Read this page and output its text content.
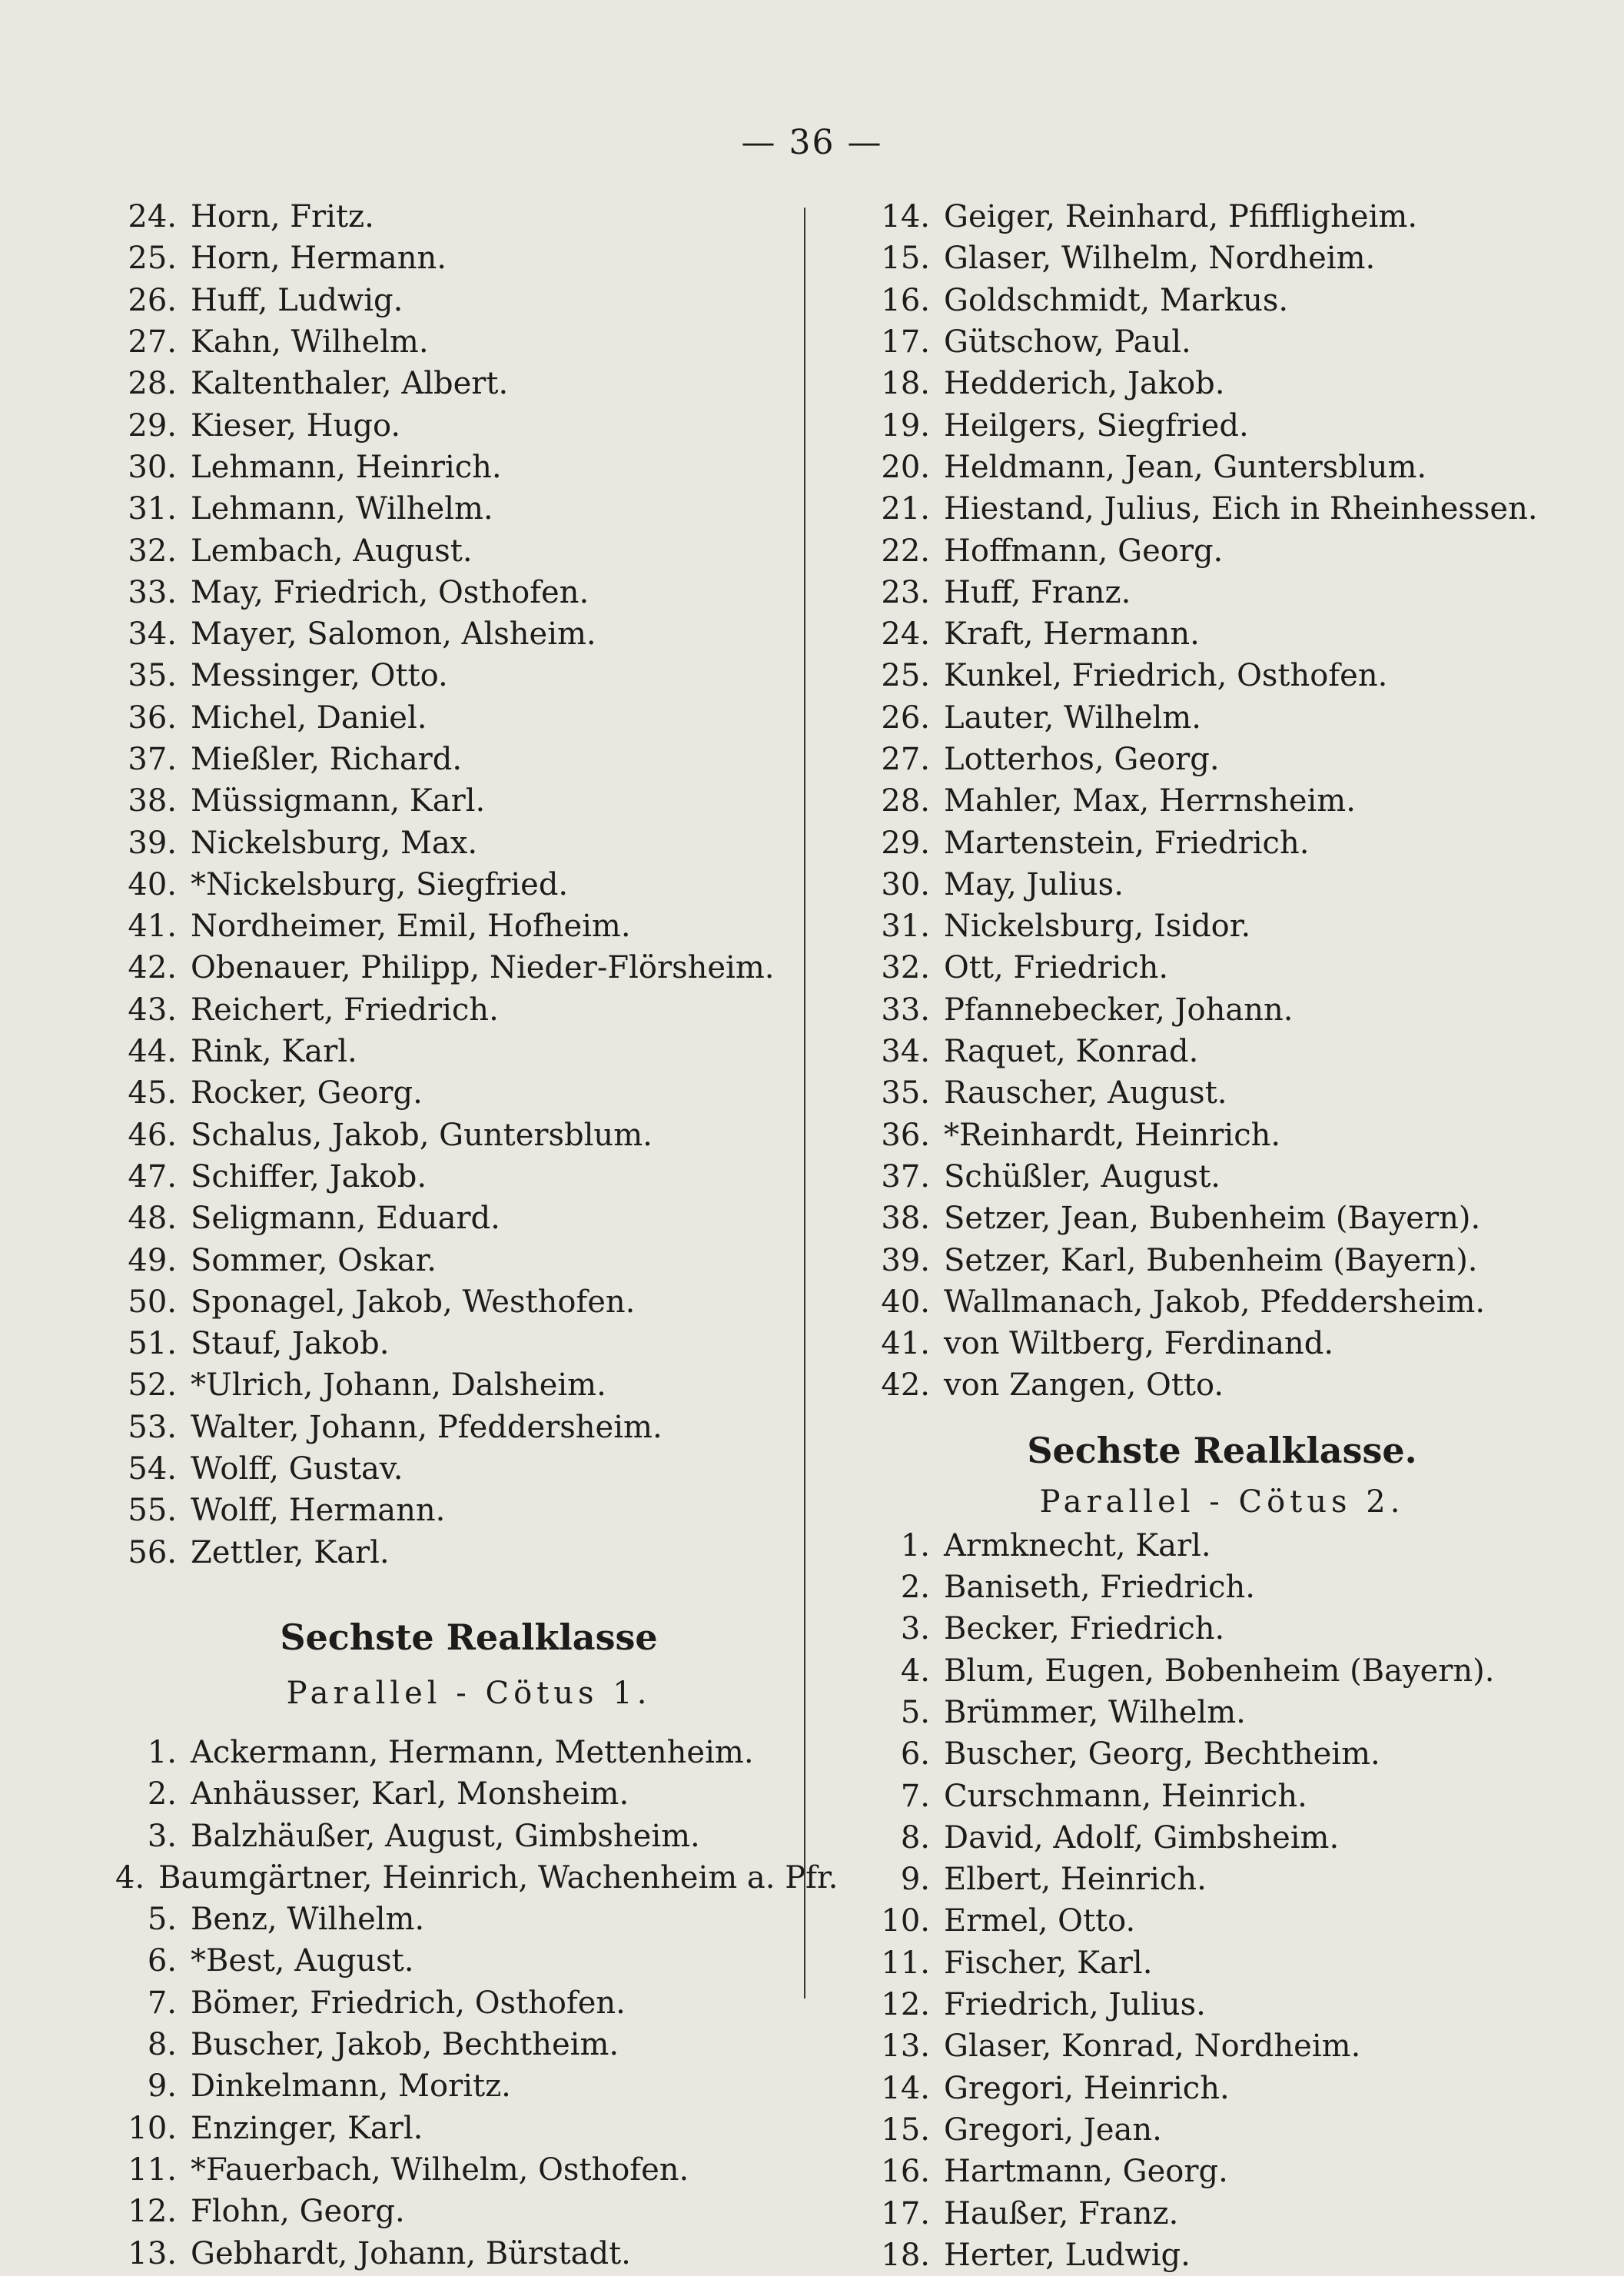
— 36 —
24. Horn, Fritz.
25. Horn, Hermann.
26. Huff, Ludwig.
27. Kahn, Wilhelm.
28. Kaltenthaler, Albert.
29. Kieser, Hugo.
30. Lehmann, Heinrich.
31. Lehmann, Wilhelm.
32. Lembach, August.
33. May, Friedrich, Osthofen.
34. Mayer, Salomon, Alsheim.
35. Messinger, Otto.
36. Michel, Daniel.
37. Mießler, Richard.
38. Müssigmann, Karl.
39. Nickelsburg, Max.
40. *Nickelsburg, Siegfried.
41. Nordheimer, Emil, Hofheim.
42. Obenauer, Philipp, Nieder-Flörsheim.
43. Reichert, Friedrich.
44. Rink, Karl.
45. Rocker, Georg.
46. Schalus, Jakob, Guntersblum.
47. Schiffer, Jakob.
48. Seligmann, Eduard.
49. Sommer, Oskar.
50. Sponagel, Jakob, Westhofen.
51. Stauf, Jakob.
52. *Ulrich, Johann, Dalsheim.
53. Walter, Johann, Pfeddersheim.
54. Wolff, Gustav.
55. Wolff, Hermann.
56. Zettler, Karl.
Sechste Realklasse

Parallel - Cötus 1.

1. Ackermann, Hermann, Mettenheim.
2. Anhäusser, Karl, Monsheim.
3. Balzhäußer, August, Gimbsheim.
4. Baumgärtner, Heinrich, Wachenheim a. Pfr.
5. Benz, Wilhelm.
6. *Best, August.
7. Bömer, Friedrich, Osthofen.
8. Buscher, Jakob, Bechtheim.
9. Dinkelmann, Moritz.
10. Enzinger, Karl.
11. *Fauerbach, Wilhelm, Osthofen.
12. Flohn, Georg.
13. Gebhardt, Johann, Bürstadt.
14. Geiger, Reinhard, Pfiffligheim.
15. Glaser, Wilhelm, Nordheim.
16. Goldschmidt, Markus.
17. Gütschow, Paul.
18. Hedderich, Jakob.
19. Heilgers, Siegfried.
20. Heldmann, Jean, Guntersblum.
21. Hiestand, Julius, Eich in Rheinhessen.
22. Hoffmann, Georg.
23. Huff, Franz.
24. Kraft, Hermann.
25. Kunkel, Friedrich, Osthofen.
26. Lauter, Wilhelm.
27. Lotterhos, Georg.
28. Mahler, Max, Herrnsheim.
29. Martenstein, Friedrich.
30. May, Julius.
31. Nickelsburg, Isidor.
32. Ott, Friedrich.
33. Pfannebecker, Johann.
34. Raquet, Konrad.
35. Rauscher, August.
36. *Reinhardt, Heinrich.
37. Schüßler, August.
38. Setzer, Jean, Bubenheim (Bayern).
39. Setzer, Karl, Bubenheim (Bayern).
40. Wallmanach, Jakob, Pfeddersheim.
41. von Wiltberg, Ferdinand.
42. von Zangen, Otto.
Sechste Realklasse.

Parallel - Cötus 2.

1. Armknecht, Karl.
2. Baniseth, Friedrich.
3. Becker, Friedrich.
4. Blum, Eugen, Bobenheim (Bayern).
5. Brümmer, Wilhelm.
6. Buscher, Georg, Bechtheim.
7. Curschmann, Heinrich.
8. David, Adolf, Gimbsheim.
9. Elbert, Heinrich.
10. Ermel, Otto.
11. Fischer, Karl.
12. Friedrich, Julius.
13. Glaser, Konrad, Nordheim.
14. Gregori, Heinrich.
15. Gregori, Jean.
16. Hartmann, Georg.
17. Haußer, Franz.
18. Herter, Ludwig.
